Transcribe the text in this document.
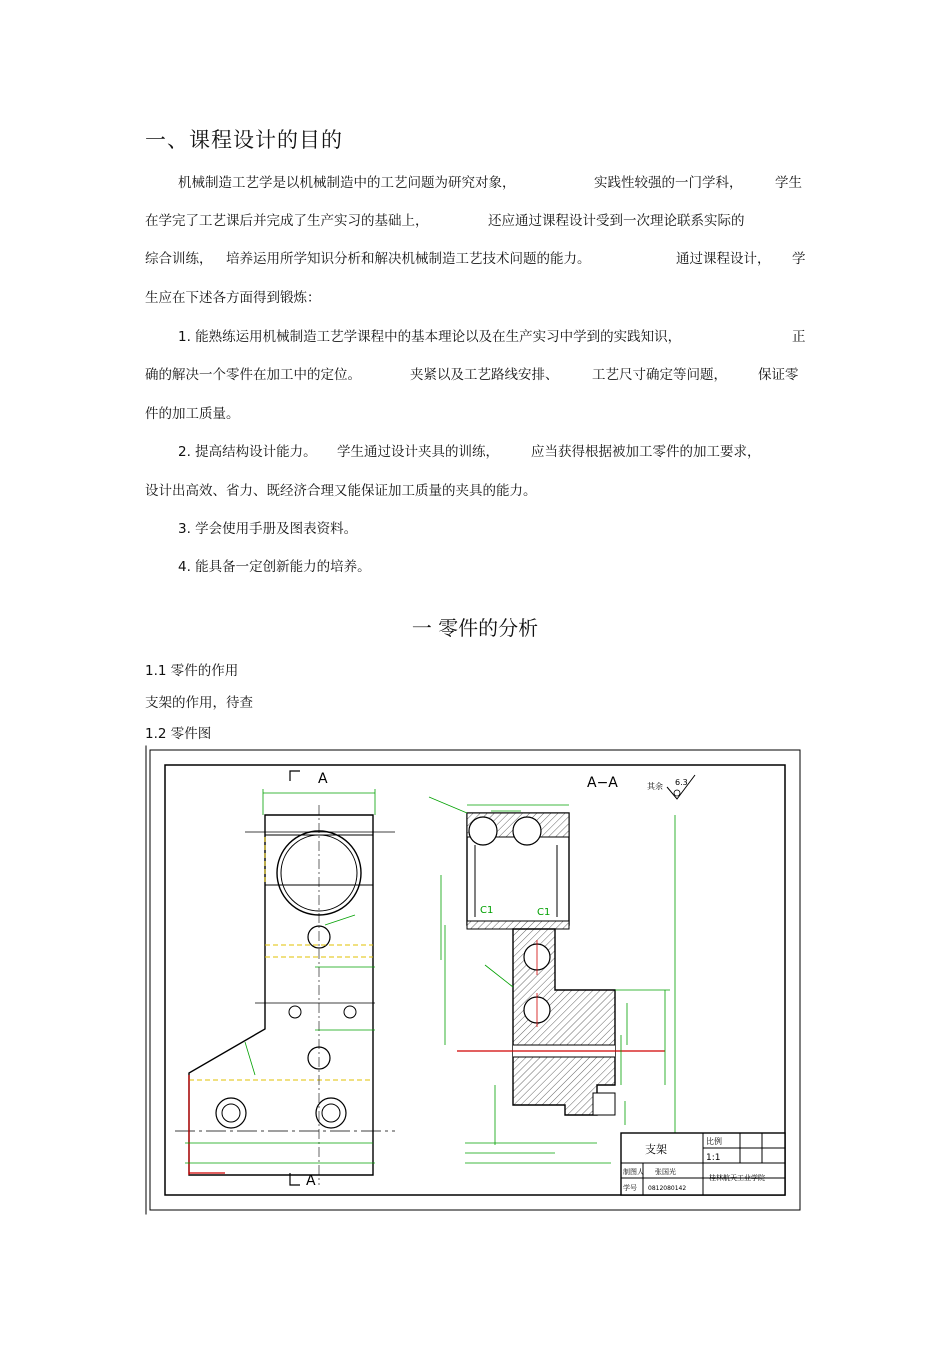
一、课程设计的目的
机械制造工艺学是以机械制造中的工艺问题为研究对象，	实践性较强的一门学科， 学生
在学完了工艺课后并完成了生产实习的基础上，	还应通过课程设计受到一次理论联系实际的
综合训练， 培养运用所学知识分析和解决机械制造工艺技术问题的能力。	通过课程设计， 学
生应在下述各方面得到锻炼：
1. 能熟练运用机械制造工艺学课程中的基本理论以及在生产实习中学到的实践知识，	正
确的解决一个零件在加工中的定位。	夹紧以及工艺路线安排、 工艺尺寸确定等问题， 保证零
件的加工质量。
2. 提高结构设计能力。 学生通过设计夹具的训练， 应当获得根据被加工零件的加工要求，
设计出高效、省力、既经济合理又能保证加工质量的夹具的能力。
3. 学会使用手册及图表资料。
4. 能具备一定创新能力的培养。
一 零件的分析
1.1 零件的作用
支架的作用，待查
1.2 零件图
A
A
A−A	其余 6.3
C1	C1
支架
比例
1:1
制图人 张国光
学号 0812080142
桂林航天工业学院
